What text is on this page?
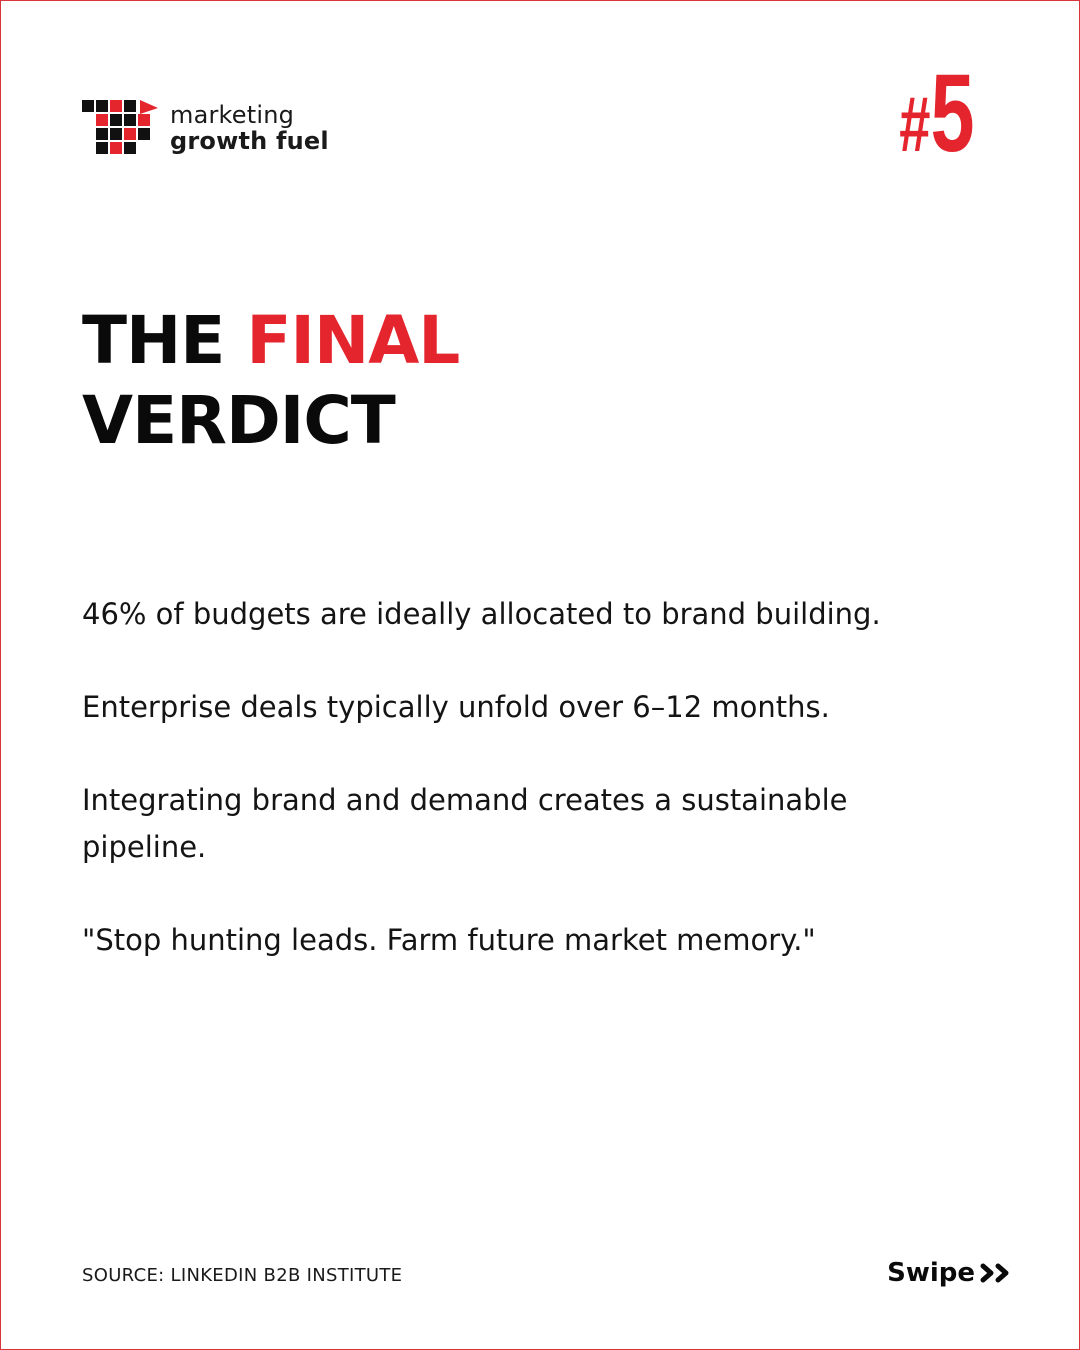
marketing
growth fuel	# 5
THE FINAL
VERDICT

46% of budgets are ideally allocated to brand building.

Enterprise deals typically unfold over 6–12 months.

Integrating brand and demand creates a sustainable pipeline.

"Stop hunting leads. Farm future market memory."

SOURCE: LINKEDIN B2B INSTITUTE	Swipe
